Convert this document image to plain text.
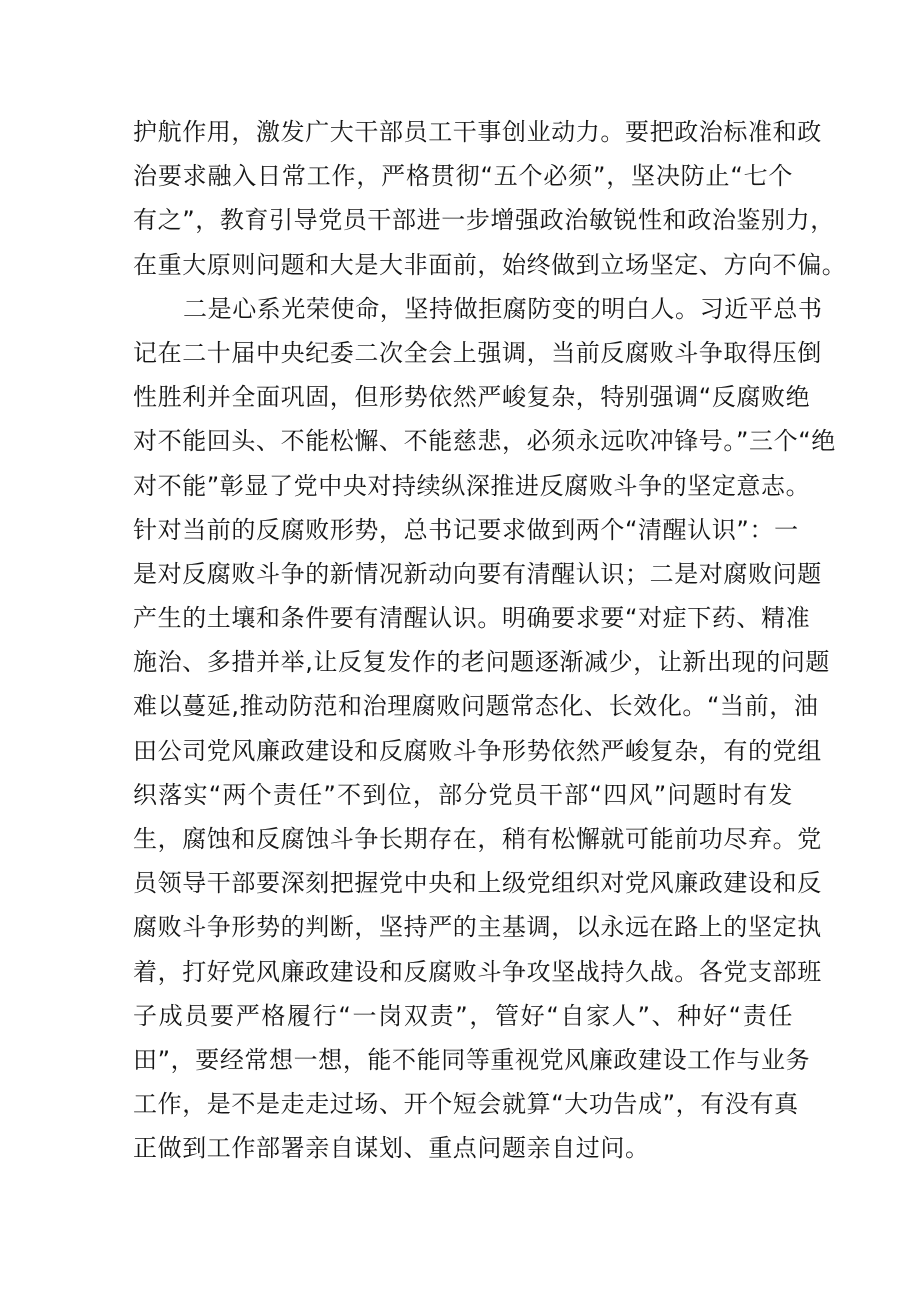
护航作用，激发广大干部员工干事创业动力。要把政治标准和政
治要求融入日常工作，严格贯彻“五个必须”，坚决防止“七个
有之”，教育引导党员干部进一步增强政治敏锐性和政治鉴别力，
在重大原则问题和大是大非面前，始终做到立场坚定、方向不偏。
二是心系光荣使命，坚持做拒腐防变的明白人。习近平总书
记在二十届中央纪委二次全会上强调，当前反腐败斗争取得压倒
性胜利并全面巩固，但形势依然严峻复杂，特别强调“反腐败绝
对不能回头、不能松懈、不能慈悲，必须永远吹冲锋号。”三个“绝
对不能”彰显了党中央对持续纵深推进反腐败斗争的坚定意志。
针对当前的反腐败形势，总书记要求做到两个“清醒认识”：一
是对反腐败斗争的新情况新动向要有清醒认识；二是对腐败问题
产生的土壤和条件要有清醒认识。明确要求要“对症下药、精准
施治、多措并举,让反复发作的老问题逐渐减少，让新出现的问题
难以蔓延,推动防范和治理腐败问题常态化、长效化。“当前，油
田公司党风廉政建设和反腐败斗争形势依然严峻复杂，有的党组
织落实“两个责任”不到位，部分党员干部“四风”问题时有发
生，腐蚀和反腐蚀斗争长期存在，稍有松懈就可能前功尽弃。党
员领导干部要深刻把握党中央和上级党组织对党风廉政建设和反
腐败斗争形势的判断，坚持严的主基调，以永远在路上的坚定执
着，打好党风廉政建设和反腐败斗争攻坚战持久战。各党支部班
子成员要严格履行“一岗双责”，管好“自家人”、种好“责任
田”，要经常想一想，能不能同等重视党风廉政建设工作与业务
工作，是不是走走过场、开个短会就算“大功告成”，有没有真
正做到工作部署亲自谋划、重点问题亲自过问。
